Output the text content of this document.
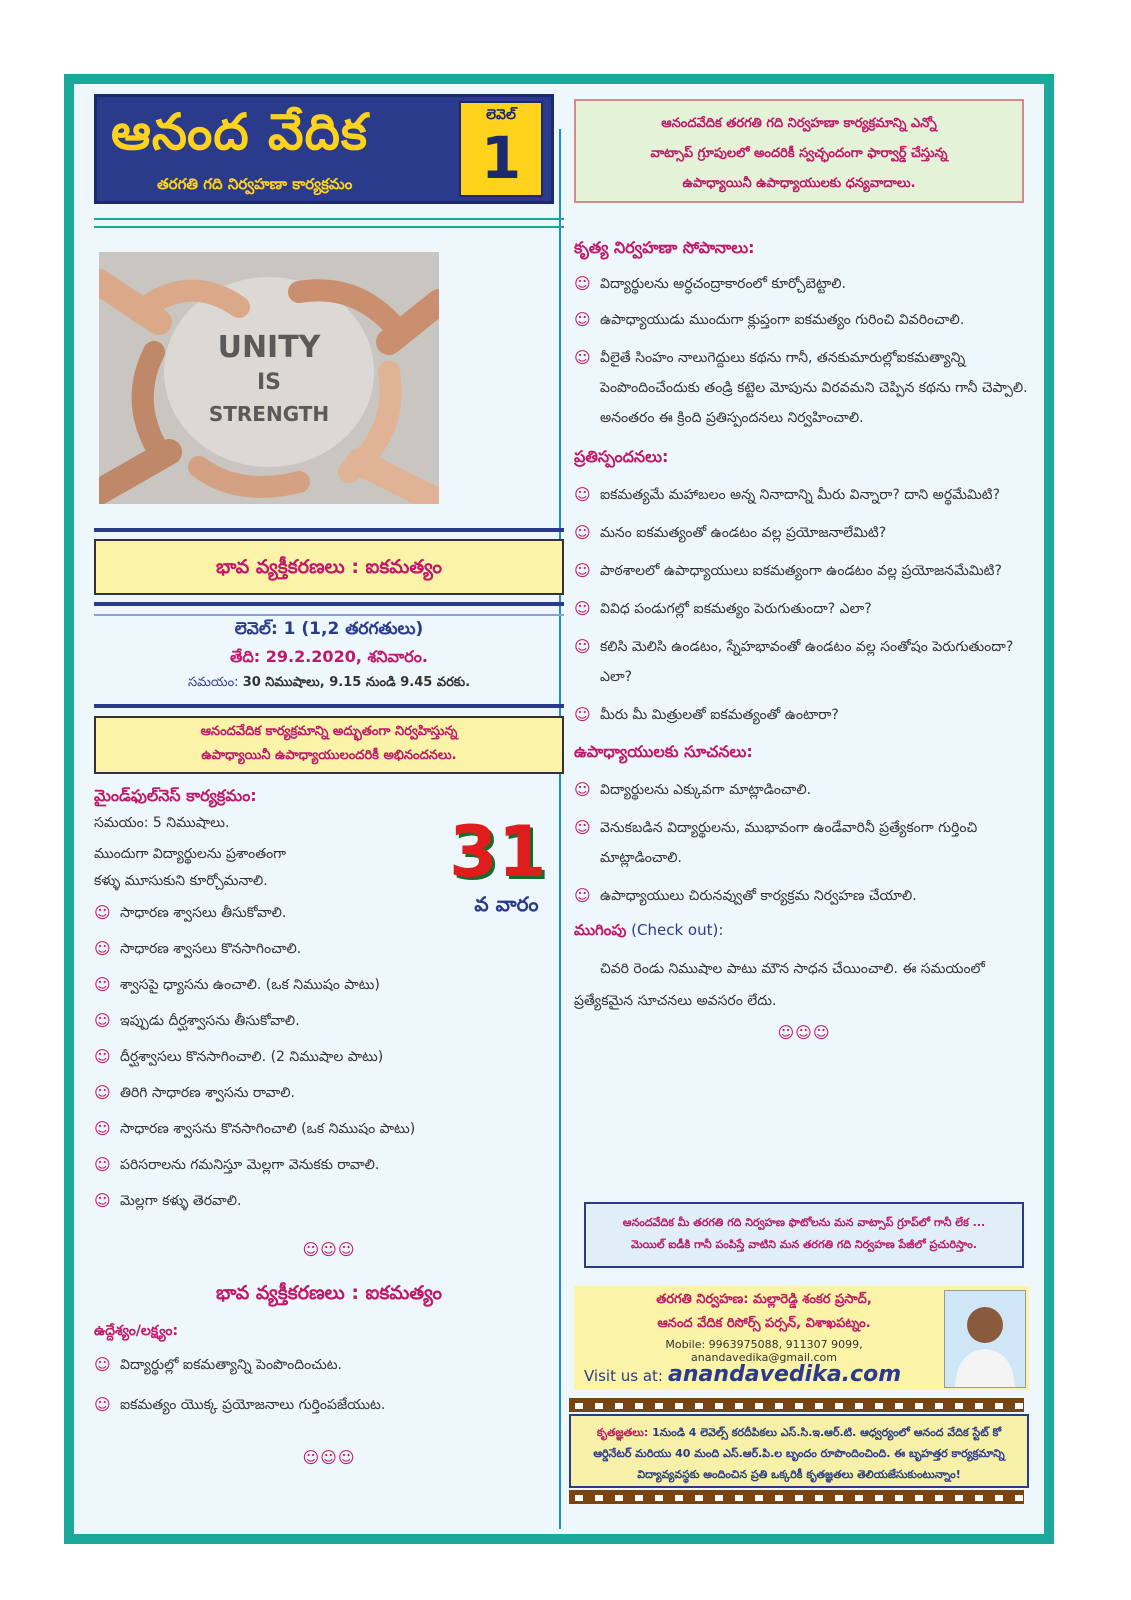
ఆనంద వేదిక
తరగతి గది నిర్వహణా కార్యక్రమం
లెవెల్
1
UNITY
IS
STRENGTH
భావ వ్యక్తీకరణలు : ఐకమత్యం
లెవెల్: 1 (1,2 తరగతులు)
తేది: 29.2.2020, శనివారం.
సమయం: 30 నిముషాలు, 9.15 నుండి 9.45 వరకు.
ఆనందవేదిక కార్యక్రమాన్ని అద్భుతంగా నిర్వహిస్తున్న
ఉపాధ్యాయినీ ఉపాధ్యాయులందరికీ అభినందనలు.
మైండ్‌ఫుల్‌నెస్ కార్యక్రమం:
సమయం: 5 నిముషాలు.
ముందుగా విద్యార్థులను ప్రశాంతంగా
కళ్ళు మూసుకుని కూర్చోమనాలి.
☺ సాధారణ శ్వాసలు తీసుకోవాలి.
☺ సాధారణ శ్వాసలు కొనసాగించాలి.
☺ శ్వాసపై ధ్యాసను ఉంచాలి. (ఒక నిముషం పాటు)
☺ ఇప్పుడు దీర్ఘశ్వాసను తీసుకోవాలి.
☺ దీర్ఘశ్వాసలు కొనసాగించాలి. (2 నిముషాల పాటు)
☺ తిరిగి సాధారణ శ్వాసను రావాలి.
☺ సాధారణ శ్వాసను కొనసాగించాలి (ఒక నిముషం పాటు)
☺ పరిసరాలను గమనిస్తూ మెల్లగా వెనుకకు రావాలి.
☺ మెల్లగా కళ్ళు తెరవాలి.
31
వ వారం
☺☺☺
భావ వ్యక్తీకరణలు : ఐకమత్యం
ఉద్దేశ్యం/లక్ష్యం:
☺ విద్యార్థుల్లో ఐకమత్యాన్ని పెంపొందించుట.
☺ ఐకమత్యం యొక్క ప్రయోజనాలు గుర్తింపజేయుట.
☺☺☺
ఆనందవేదిక తరగతి గది నిర్వహణా కార్యక్రమాన్ని ఎన్నో
వాట్సాప్ గ్రూపులలో అందరికీ స్వచ్ఛందంగా ఫార్వార్డ్ చేస్తున్న
ఉపాధ్యాయినీ ఉపాధ్యాయులకు ధన్యవాదాలు.
కృత్య నిర్వహణా సోపానాలు:
☺ విద్యార్థులను అర్ధచంద్రాకారంలో కూర్చోబెట్టాలి.
☺ ఉపాధ్యాయుడు ముందుగా క్లుప్తంగా ఐకమత్యం గురించి వివరించాలి.
☺ వీలైతే సింహం నాలుగెద్దులు కథను గానీ, తనకుమారుల్లోఐకమత్యాన్ని పెంపొందించేందుకు తండ్రి కట్టెల మోపును విరవమని చెప్పిన కథను గానీ చెప్పాలి. అనంతరం ఈ క్రింది ప్రతిస్పందనలు నిర్వహించాలి.
ప్రతిస్పందనలు:
☺ ఐకమత్యమే మహాబలం అన్న నినాదాన్ని మీరు విన్నారా? దాని అర్థమేమిటి?
☺ మనం ఐకమత్యంతో ఉండటం వల్ల ప్రయోజనాలేమిటి?
☺ పాఠశాలలో ఉపాధ్యాయులు ఐకమత్యంగా ఉండటం వల్ల ప్రయోజనమేమిటి?
☺ వివిధ పండుగల్లో ఐకమత్యం పెరుగుతుందా? ఎలా?
☺ కలిసి మెలిసి ఉండటం, స్నేహభావంతో ఉండటం వల్ల సంతోషం పెరుగుతుందా? ఎలా?
☺ మీరు మీ మిత్రులతో ఐకమత్యంతో ఉంటారా?
ఉపాధ్యాయులకు సూచనలు:
☺ విద్యార్థులను ఎక్కువగా మాట్లాడించాలి.
☺ వెనుకబడిన విద్యార్థులను, ముభావంగా ఉండేవారినీ ప్రత్యేకంగా గుర్తించి మాట్లాడించాలి.
☺ ఉపాధ్యాయులు చిరునవ్వుతో కార్యక్రమ నిర్వహణ చేయాలి.
ముగింపు (Check out):
చివరి రెండు నిముషాల పాటు మౌన సాధన చేయించాలి. ఈ సమయంలో ప్రత్యేకమైన సూచనలు అవసరం లేదు.
☺☺☺
ఆనందవేదిక మీ తరగతి గది నిర్వహణ ఫొటోలను మన వాట్సాప్ గ్రూప్‌లో గానీ లేక ...
మెయిల్ ఐడీకి గానీ పంపిస్తే వాటిని మన తరగతి గది నిర్వహణ పేజీలో ప్రచురిస్తాం.
తరగతి నిర్వహణ: మల్లారెడ్డి శంకర ప్రసాద్,
ఆనంద వేదిక రిసోర్స్ పర్సన్, విశాఖపట్నం.
Mobile: 9963975088, 911307 9099,
anandavedika@gmail.com
Visit us at: anandavedika.com
కృతజ్ఞతలు: 1నుండి 4 లెవెల్స్ కరదీపికలు ఎస్.సి.ఇ.ఆర్.టి. ఆధ్వర్యంలో ఆనంద వేదిక స్టేట్ కో ఆర్డినేటర్ మరియు 40 మంది ఎస్.ఆర్.పి.ల బృందం రూపొందించింది. ఈ బృహత్తర కార్యక్రమాన్ని విద్యావ్యవస్థకు అందించిన ప్రతి ఒక్కరికీ కృతజ్ఞతలు తెలియజేసుకుంటున్నాం!
